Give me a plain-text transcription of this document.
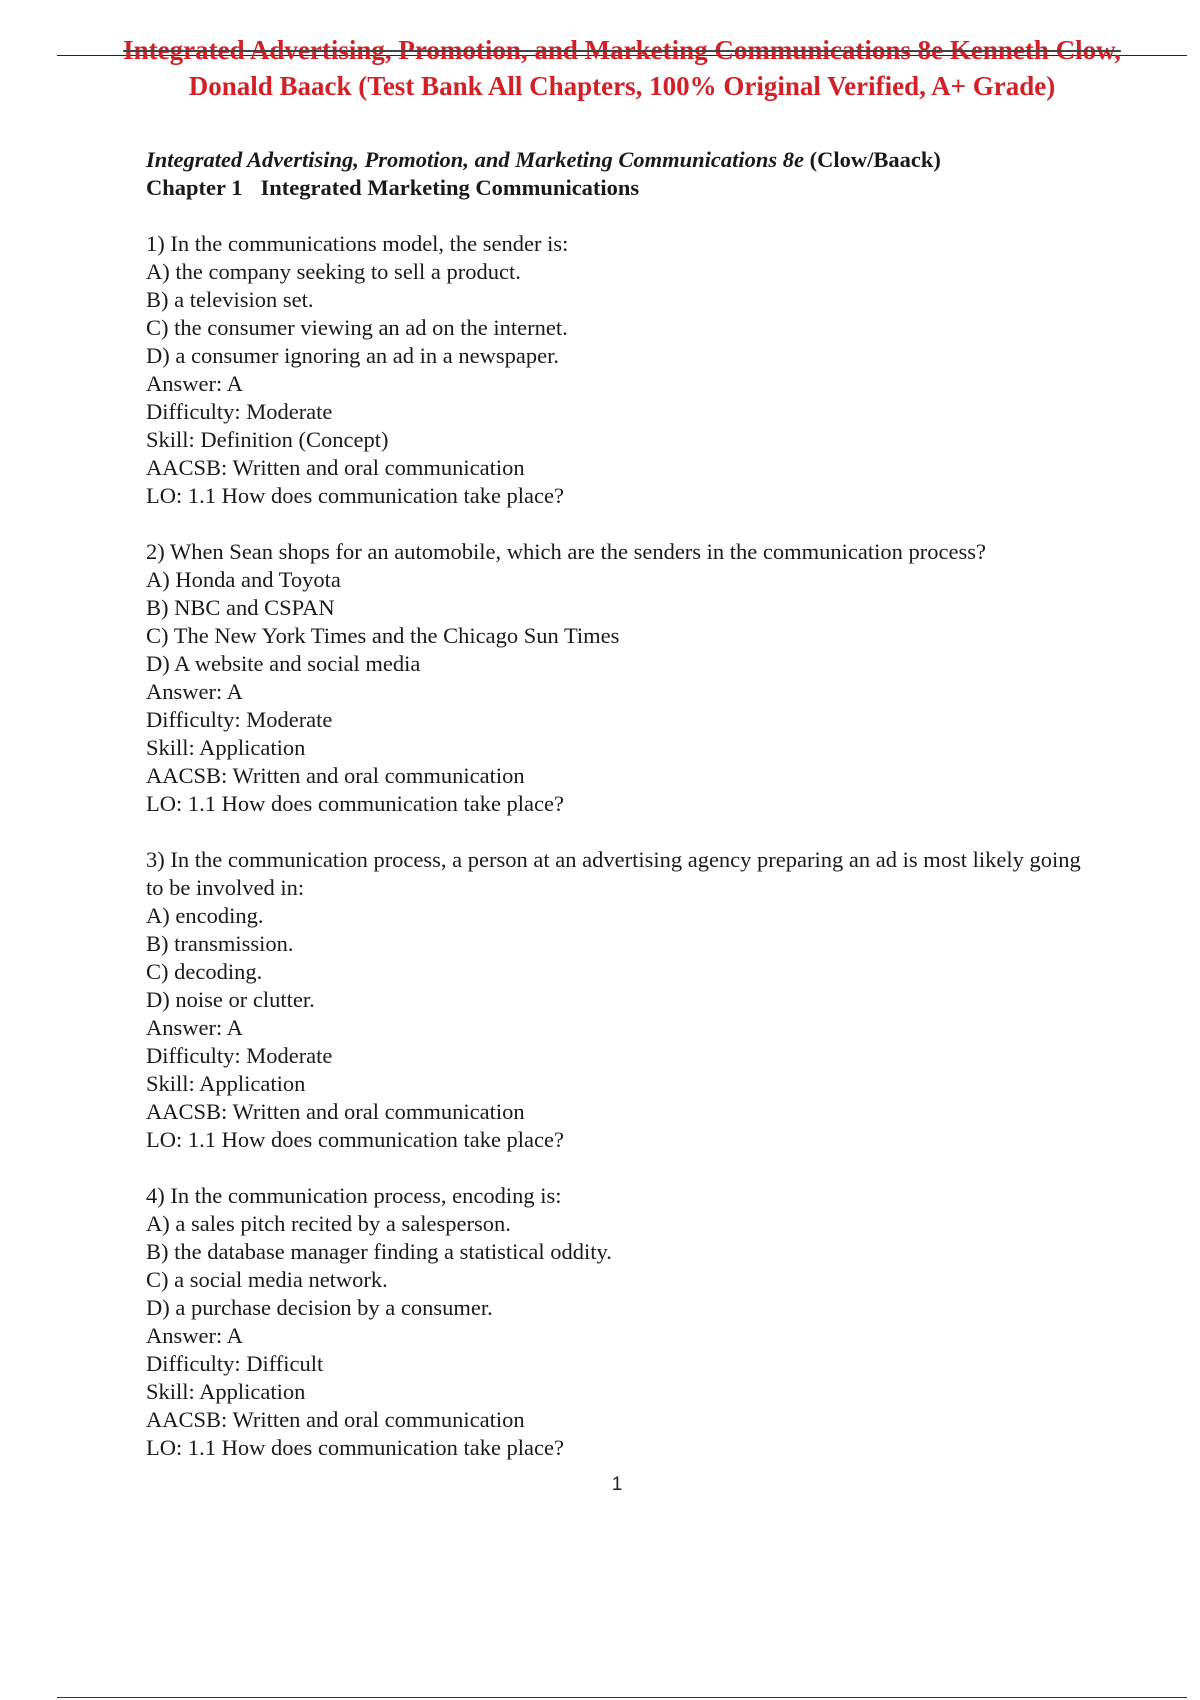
Integrated Advertising, Promotion, and Marketing Communications 8e Kenneth Clow,
Donald Baack (Test Bank All Chapters, 100% Original Verified, A+ Grade)

Integrated Advertising, Promotion, and Marketing Communications 8e (Clow/Baack)

Chapter 1 Integrated Marketing Communications

1) In the communications model, the sender is:

A) the company seeking to sell a product.

B) a television set.

C) the consumer viewing an ad on the internet.

D) a consumer ignoring an ad in a newspaper.

Answer: A

Difficulty: Moderate

Skill: Definition (Concept)

AACSB: Written and oral communication

LO: 1.1 How does communication take place?

2) When Sean shops for an automobile, which are the senders in the communication process?

A) Honda and Toyota

B) NBC and CSPAN

C) The New York Times and the Chicago Sun Times

D) A website and social media

Answer: A

Difficulty: Moderate

Skill: Application

AACSB: Written and oral communication

LO: 1.1 How does communication take place?

3) In the communication process, a person at an advertising agency preparing an ad is most likely going to be involved in:

A) encoding.

B) transmission.

C) decoding.

D) noise or clutter.

Answer: A

Difficulty: Moderate

Skill: Application

AACSB: Written and oral communication

LO: 1.1 How does communication take place?

4) In the communication process, encoding is:

A) a sales pitch recited by a salesperson.

B) the database manager finding a statistical oddity.

C) a social media network.

D) a purchase decision by a consumer.

Answer: A

Difficulty: Difficult

Skill: Application

AACSB: Written and oral communication

LO: 1.1 How does communication take place?

1
